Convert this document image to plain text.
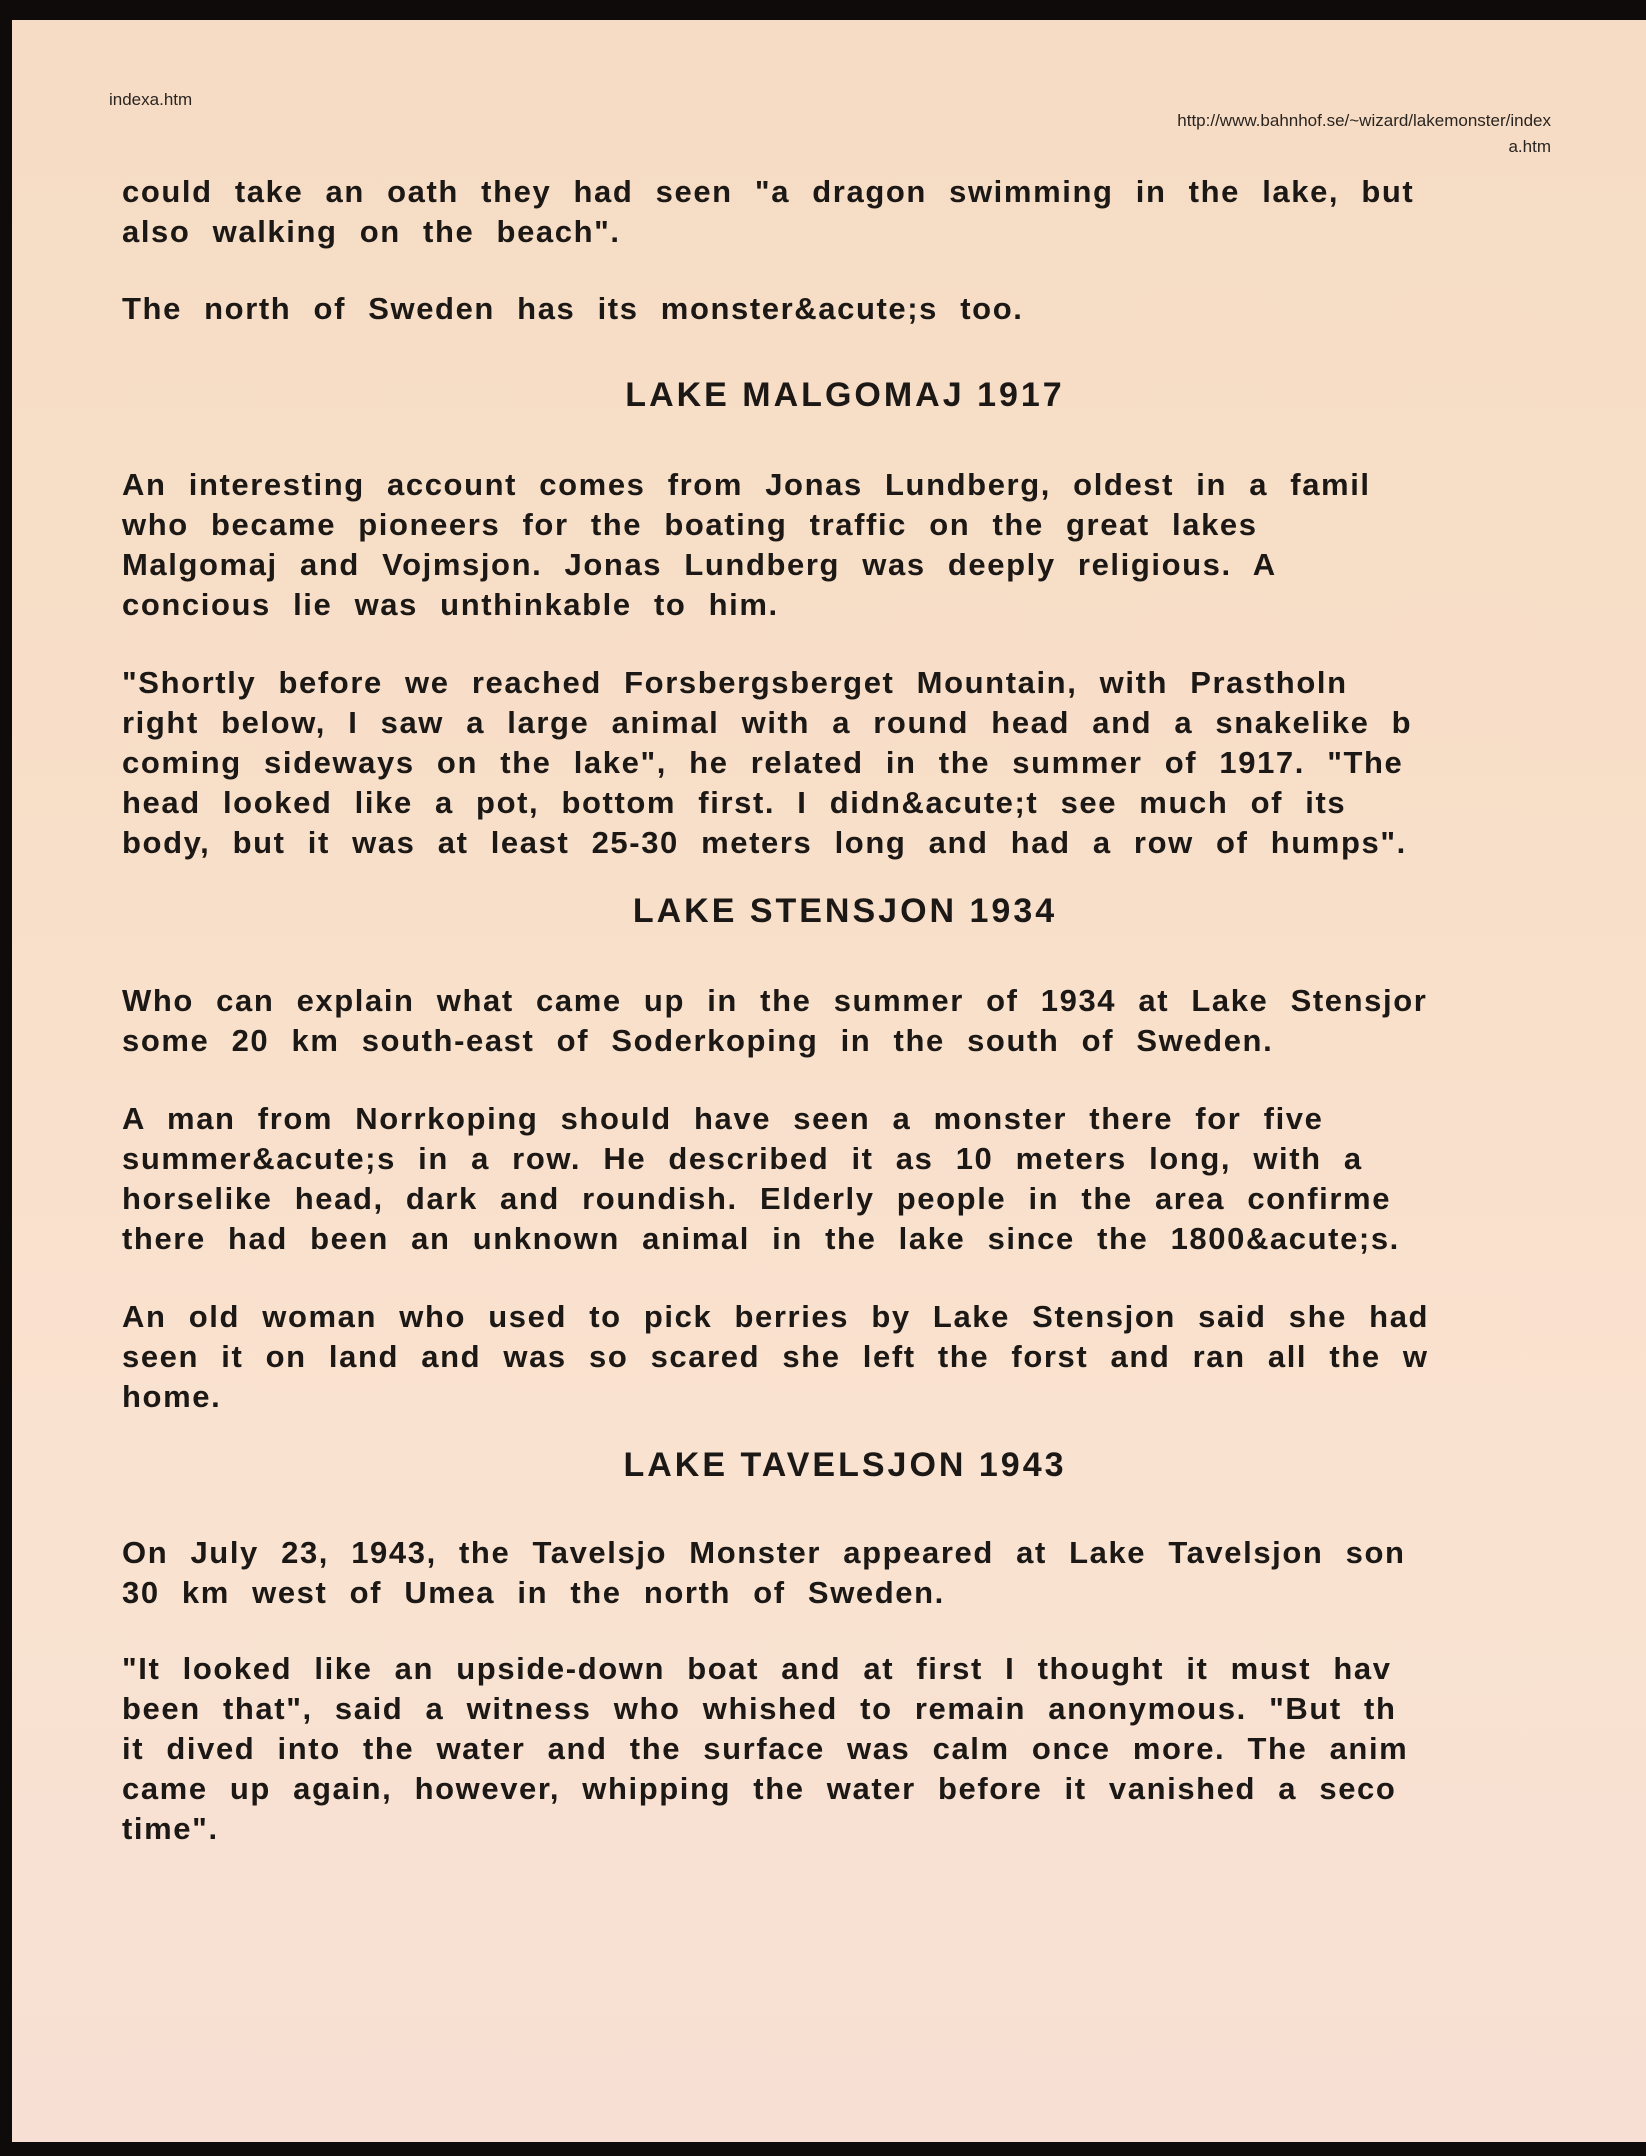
indexa.htm
http://www.bahnhof.se/~wizard/lakemonster/index
a.htm
could take an oath they had seen "a dragon swimming in the lake, but
also walking on the beach".
The north of Sweden has its monster&acute;s too.
LAKE MALGOMAJ 1917
An interesting account comes from Jonas Lundberg, oldest in a famil
who became pioneers for the boating traffic on the great lakes
Malgomaj and Vojmsjon. Jonas Lundberg was deeply religious. A
concious lie was unthinkable to him.
"Shortly before we reached Forsbergsberget Mountain, with Prastholn
right below, I saw a large animal with a round head and a snakelike b
coming sideways on the lake", he related in the summer of 1917. "The
head looked like a pot, bottom first. I didn&acute;t see much of its
body, but it was at least 25-30 meters long and had a row of humps".
LAKE STENSJON 1934
Who can explain what came up in the summer of 1934 at Lake Stensjor
some 20 km south-east of Soderkoping in the south of Sweden.
A man from Norrkoping should have seen a monster there for five
summer&acute;s in a row. He described it as 10 meters long, with a
horselike head, dark and roundish. Elderly people in the area confirme
there had been an unknown animal in the lake since the 1800&acute;s.
An old woman who used to pick berries by Lake Stensjon said she had
seen it on land and was so scared she left the forst and ran all the w
home.
LAKE TAVELSJON 1943
On July 23, 1943, the Tavelsjo Monster appeared at Lake Tavelsjon son
30 km west of Umea in the north of Sweden.
"It looked like an upside-down boat and at first I thought it must hav
been that", said a witness who whished to remain anonymous. "But th
it dived into the water and the surface was calm once more. The anim
came up again, however, whipping the water before it vanished a seco
time".
